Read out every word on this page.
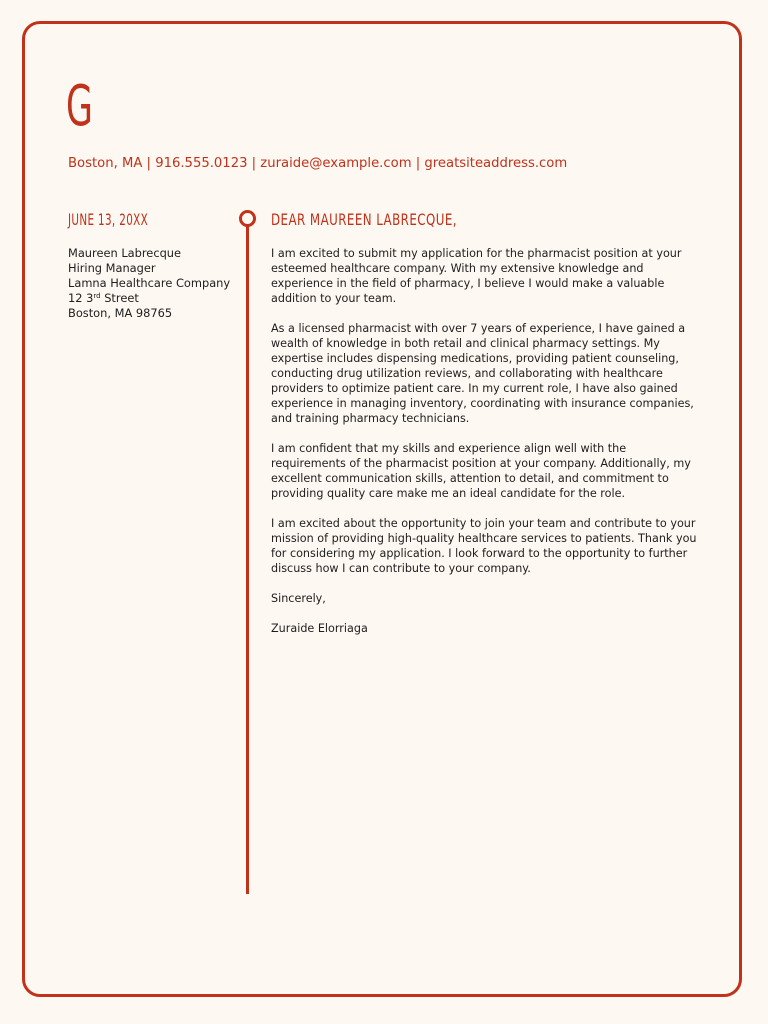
G
Boston, MA | 916.555.0123 | zuraide@example.com | greatsiteaddress.com
JUNE 13, 20XX
Maureen Labrecque
Hiring Manager
Lamna Healthcare Company
12 3rd Street
Boston, MA 98765
DEAR MAUREEN LABRECQUE,

I am excited to submit my application for the pharmacist position at your esteemed healthcare company. With my extensive knowledge and experience in the field of pharmacy, I believe I would make a valuable addition to your team.

As a licensed pharmacist with over 7 years of experience, I have gained a wealth of knowledge in both retail and clinical pharmacy settings. My expertise includes dispensing medications, providing patient counseling, conducting drug utilization reviews, and collaborating with healthcare providers to optimize patient care. In my current role, I have also gained experience in managing inventory, coordinating with insurance companies, and training pharmacy technicians.

I am confident that my skills and experience align well with the requirements of the pharmacist position at your company. Additionally, my excellent communication skills, attention to detail, and commitment to providing quality care make me an ideal candidate for the role.

I am excited about the opportunity to join your team and contribute to your mission of providing high-quality healthcare services to patients. Thank you for considering my application. I look forward to the opportunity to further discuss how I can contribute to your company.

Sincerely,

Zuraide Elorriaga
